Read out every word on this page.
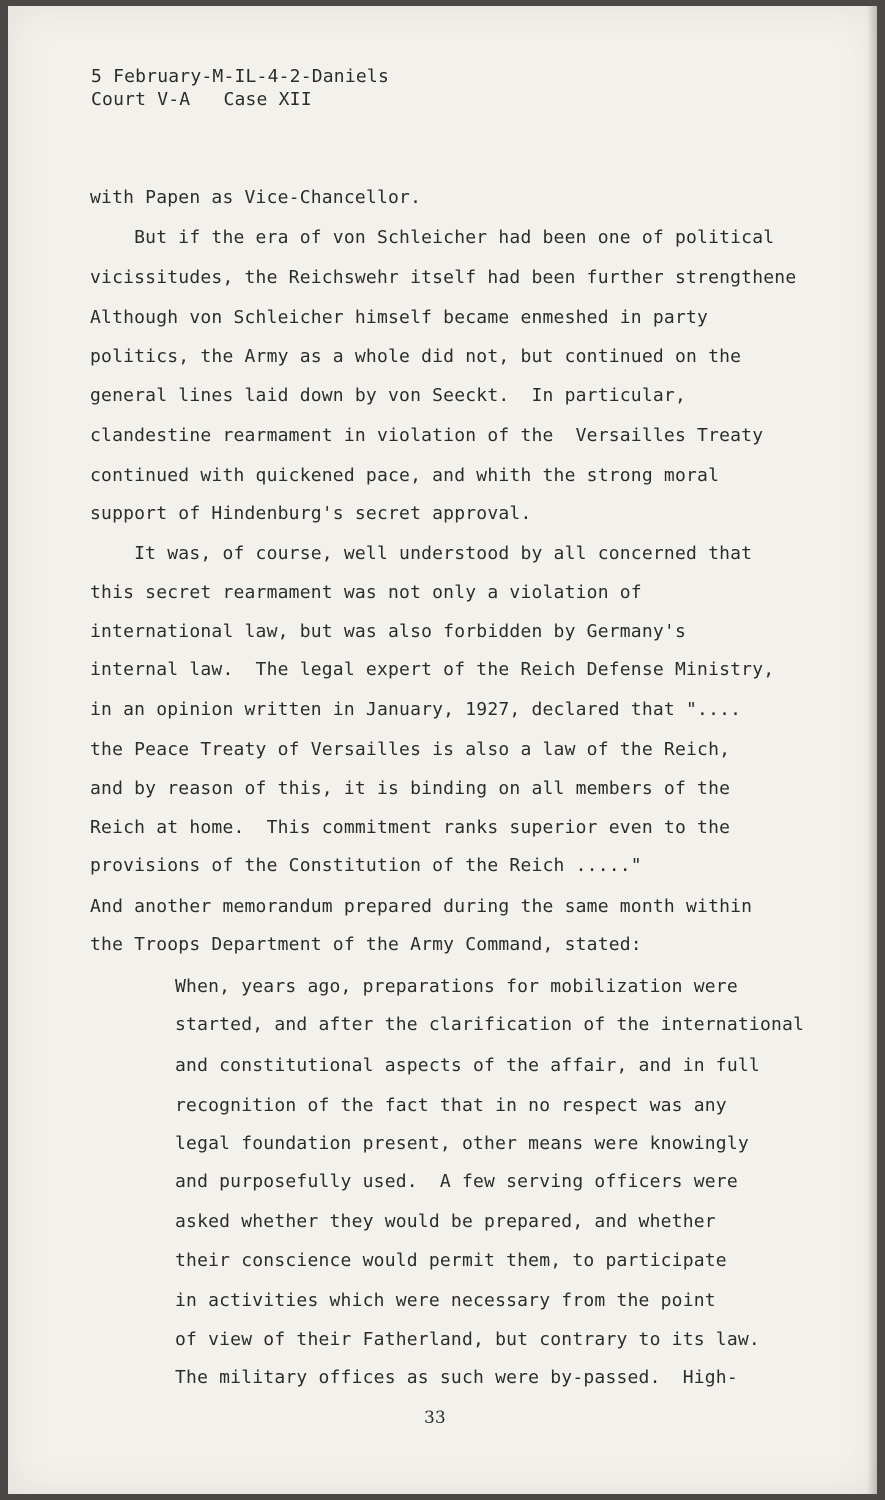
5 February-M-IL-4-2-Daniels
Court V-A   Case XII
with Papen as Vice-Chancellor.
But if the era of von Schleicher had been one of political
vicissitudes, the Reichswehr itself had been further strengthene
Although von Schleicher himself became enmeshed in party
politics, the Army as a whole did not, but continued on the
general lines laid down by von Seeckt.  In particular,
clandestine rearmament in violation of the  Versailles Treaty
continued with quickened pace, and whith the strong moral
support of Hindenburg's secret approval.
It was, of course, well understood by all concerned that
this secret rearmament was not only a violation of
international law, but was also forbidden by Germany's
internal law.  The legal expert of the Reich Defense Ministry,
in an opinion written in January, 1927, declared that "....
the Peace Treaty of Versailles is also a law of the Reich,
and by reason of this, it is binding on all members of the
Reich at home.  This commitment ranks superior even to the
provisions of the Constitution of the Reich ....."
And another memorandum prepared during the same month within
the Troops Department of the Army Command, stated:
When, years ago, preparations for mobilization were
started, and after the clarification of the international
and constitutional aspects of the affair, and in full
recognition of the fact that in no respect was any
legal foundation present, other means were knowingly
and purposefully used.  A few serving officers were
asked whether they would be prepared, and whether
their conscience would permit them, to participate
in activities which were necessary from the point
of view of their Fatherland, but contrary to its law.
The military offices as such were by-passed.  High-
33
